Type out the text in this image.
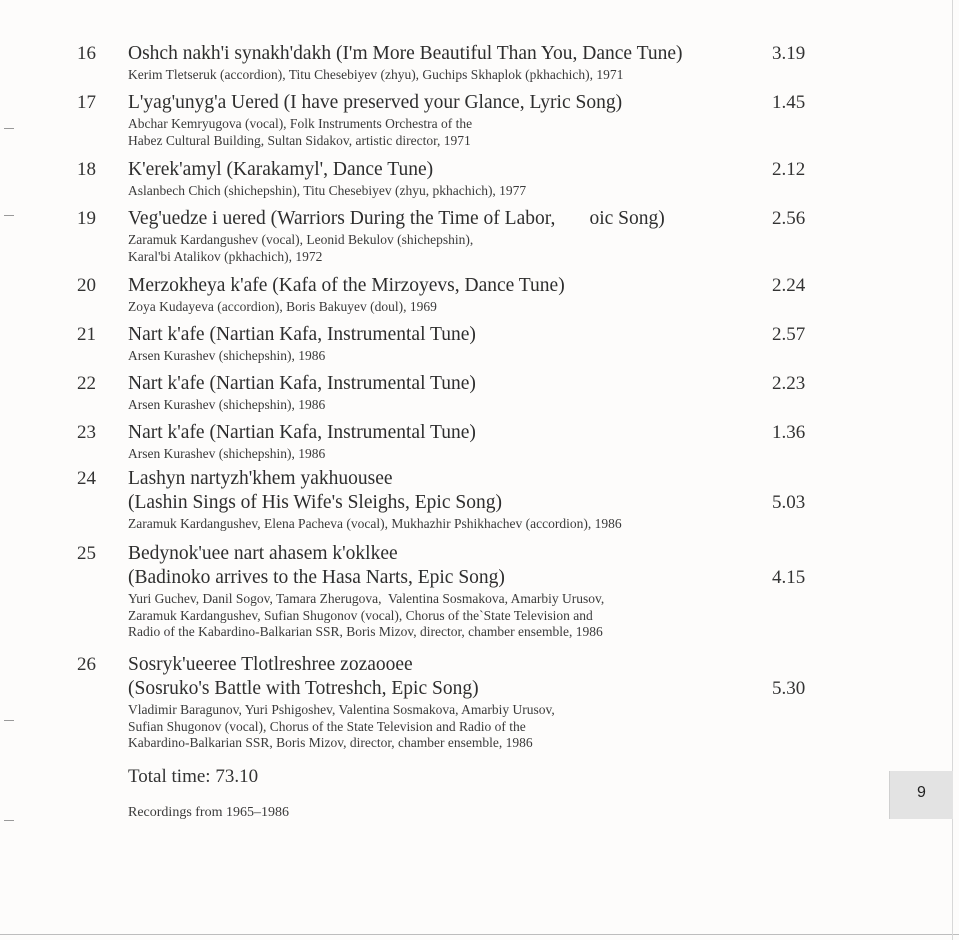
16 Oshch nakh'i synakh'dakh (I'm More Beautiful Than You, Dance Tune)	3.19
Kerim Tletseruk (accordion), Titu Chesebiyev (zhyu), Guchips Skhaplok (pkhachich), 1971
17 L'yag'unyg'a Uered (I have preserved your Glance, Lyric Song)	1.45
Abchar Kemryugova (vocal), Folk Instruments Orchestra of the
Habez Cultural Building, Sultan Sidakov, artistic director, 1971
18 K'erek'amyl (Karakamyl', Dance Tune)	2.12
Aslanbech Chich (shichepshin), Titu Chesebiyev (zhyu, pkhachich), 1977
19 Veg'uedze i uered (Warriors During the Time of Labor,       oic Song)	2.56
Zaramuk Kardangushev (vocal), Leonid Bekulov (shichepshin),
Karal'bi Atalikov (pkhachich), 1972
20 Merzokheya k'afe (Kafa of the Mirzoyevs, Dance Tune)	2.24
Zoya Kudayeva (accordion), Boris Bakuyev (doul), 1969
21 Nart k'afe (Nartian Kafa, Instrumental Tune)	2.57
Arsen Kurashev (shichepshin), 1986
22 Nart k'afe (Nartian Kafa, Instrumental Tune)	2.23
Arsen Kurashev (shichepshin), 1986
23 Nart k'afe (Nartian Kafa, Instrumental Tune)	1.36
Arsen Kurashev (shichepshin), 1986
24 Lashyn nartyzh'khem yakhuousee
(Lashin Sings of His Wife's Sleighs, Epic Song)	5.03
Zaramuk Kardangushev, Elena Pacheva (vocal), Mukhazhir Pshikhachev (accordion), 1986
25 Bedynok'uee nart ahasem k'oklkee
(Badinoko arrives to the Hasa Narts, Epic Song)	4.15
Yuri Guchev, Danil Sogov, Tamara Zherugova,  Valentina Sosmakova, Amarbiy Urusov,
Zaramuk Kardangushev, Sufian Shugonov (vocal), Chorus of the`State Television and
Radio of the Kabardino-Balkarian SSR, Boris Mizov, director, chamber ensemble, 1986
26 Sosryk'ueeree Tlotlreshree zozaooee
(Sosruko's Battle with Totreshch, Epic Song)	5.30
Vladimir Baragunov, Yuri Pshigoshev, Valentina Sosmakova, Amarbiy Urusov,
Sufian Shugonov (vocal), Chorus of the State Television and Radio of the
Kabardino-Balkarian SSR, Boris Mizov, director, chamber ensemble, 1986
Total time: 73.10
Recordings from 1965–1986
9
